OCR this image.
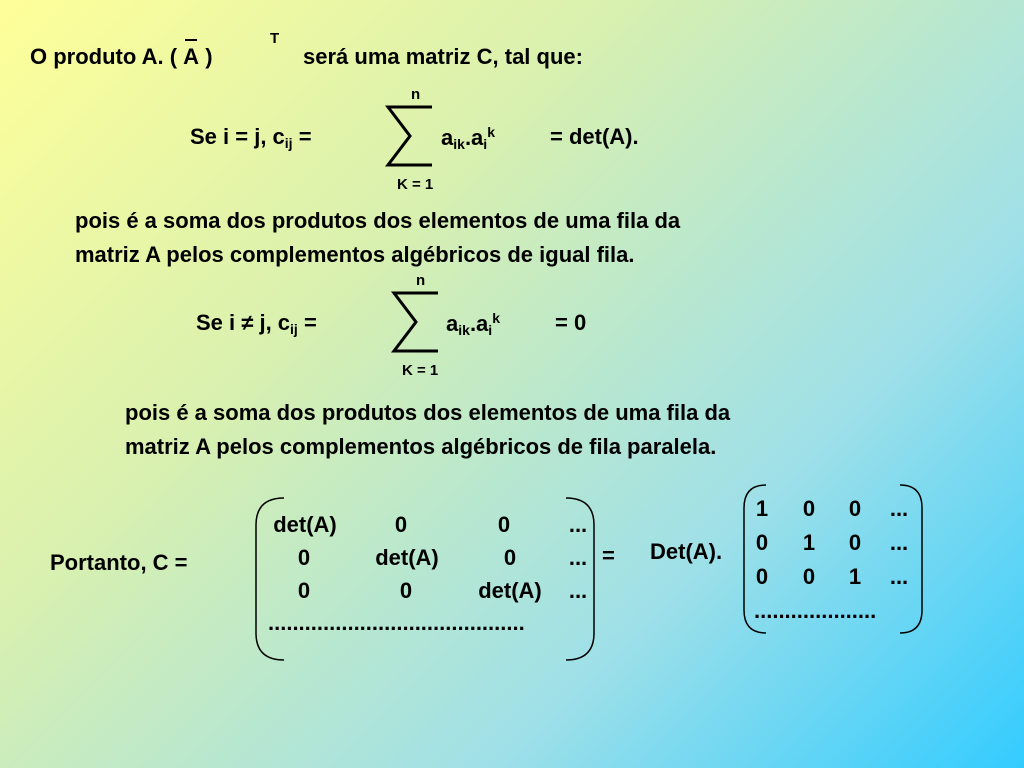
O produto A. ( A )
T
será uma matriz C, tal que:
Se i = j, $c_{ij}$ =
n
K = 1
$a_{ik}.a_i^k$	= det(A).
pois é a soma dos produtos dos elementos de uma fila da
matriz A pelos complementos algébricos de igual fila.
Se i ≠ j, $c_{ij}$ =
n
K = 1
$a_{ik}.a_i^k$	= 0
pois é a soma dos produtos dos elementos de uma fila da
matriz A pelos complementos algébricos de fila paralela.
Portanto, C =
det(A)	0	0	...
0	det(A)	0	...
0	0	det(A)	...
..........................................
= Det(A).
1	0	0	...
0	1	0	...
0	0	1	...
....................
